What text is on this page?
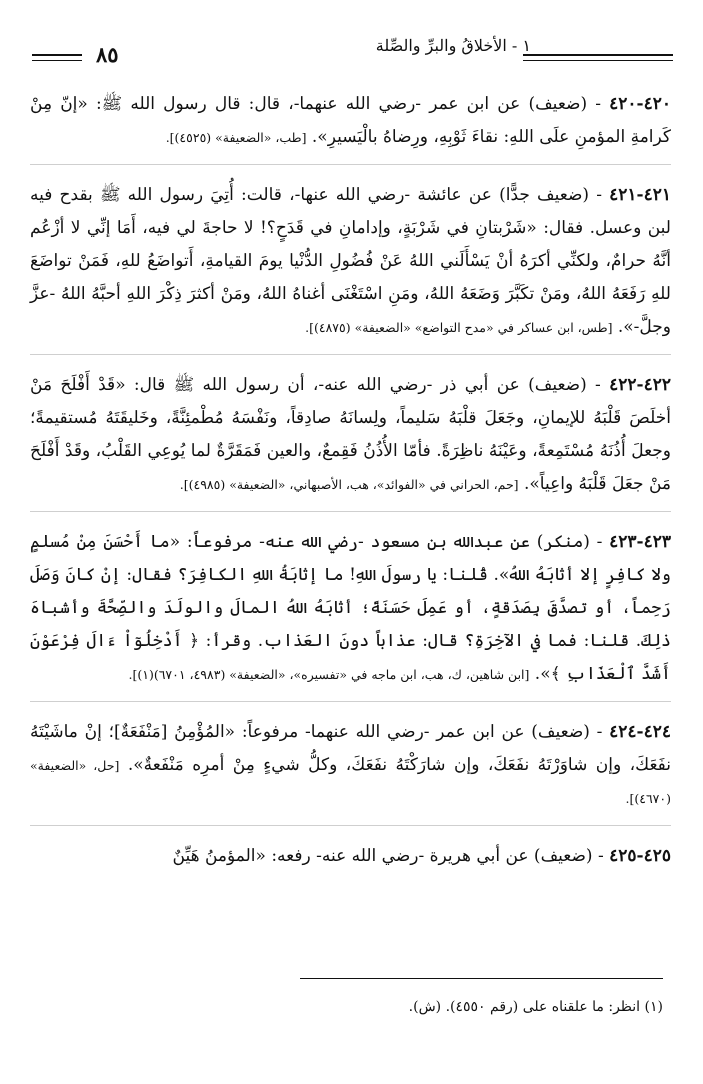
١ - الأخلاقُ والبرِّ والصِّلة
٨٥

٤٢٠-٤٢٠ - (ضعيف) عن ابن عمر -رضي الله عنهما-، قال: قال رسول الله ﷺ: «إنّ مِنْ كَرامةِ المؤمنِ علَى اللهِ: نقاءَ ثَوْبِهِ، ورِضاهُ بالْيَسيرِ». [طب، «الضعيفة» (٤٥٢٥)].

٤٢١-٤٢١ - (ضعيف جدًّا) عن عائشة -رضي الله عنها-، قالت: أُتِيَ رسول الله ﷺ بقدح فيه لبن وعسل. فقال: «شَرْبتانِ في شَرْبَةٍ، وإدامانِ في قَدَحٍ؟! لا حاجةَ لي فيه، أَمَا إنِّي لا أزْعُم أنَّهُ حرامٌ، ولكنِّي أكرَهُ أنْ يَسْأَلَني اللهُ عَنْ فُضُولِ الدُّنْيا يومَ القيامةِ، أَتواضَعُ للهِ، فَمَنْ تواضَعَ للهِ رَفَعَهُ اللهُ، ومَنْ تكَبَّرَ وَضَعَهُ اللهُ، ومَنِ اسْتَغْنَى أغناهُ اللهُ، ومَنْ أكثرَ ذِكْرَ اللهِ أحبَّهُ اللهُ -عزَّ وجلَّ-». [طس، ابن عساكر في «مدح التواضع» «الضعيفة» (٤٨٧٥)].

٤٢٢-٤٢٢ - (ضعيف) عن أبي ذر -رضي الله عنه-، أن رسول الله ﷺ قال: «قَدْ أَفْلَحَ مَنْ أخلَصَ قَلْبَهُ للإيمانِ، وجَعَلَ قلْبَهُ سَليماً، ولِسانَهُ صادِقاً، ونَفْسَهُ مُطْمئِنَّةً، وخَليقَتَهُ مُستقيمةً؛ وجعلَ أُذُنَهُ مُسْتَمِعةً، وعَيْنَهُ ناظِرَةً. فأمّا الأُذُنُ فَقِمعٌ، والعين فَمَقَرَّةٌ لما يُوعِي القَلْبُ، وقَدْ أَفْلَحَ مَنْ جعَلَ قَلْبَهُ واعِياً». [حم، الحراني في «الفوائد»، هب، الأصبهاني، «الضعيفة» (٤٩٨٥)].

٤٢٣-٤٢٣ - (منكر) عن عبدالله بن مسعود -رضي الله عنه- مرفوعاً: «ما أَحْسَنَ مِنْ مُسلمٍ ولا كافِرٍ إلا أثابَهُ اللهُ». قُلنا: يا رسولَ اللهِ! ما إثابَةُ اللهِ الكافِرَ؟ فقال: إنْ كانَ وَصَلَ رَحِماً، أو تصدَّقَ بِصَدَقةٍ، أو عَمِلَ حَسَنَةً؛ أثابَهُ اللهُ المالَ والولَدَ والصِّحَّةَ وأشباهَ ذلِكَ. قلنا: فما في الآخِرَةِ؟ قال: عذاباً دونَ العَذاب. وقرأ: ﴿ أَدْخِلُوٓاْ ءَالَ فِرْعَوْنَ أَشَدَّ ٱلْعَذَابِ ﴾». [ابن شاهين، ك، هب، ابن ماجه في «تفسيره»، «الضعيفة» (٤٩٨٣، ٦٧٠١)(١)].

٤٢٤-٤٢٤ - (ضعيف) عن ابن عمر -رضي الله عنهما- مرفوعاً: «المُؤْمِنُ [مَنْفَعَةٌ]؛ إنْ ماشَيْتَهُ نفَعَكَ، وإن شاوَرْتَهُ نفَعَكَ، وإن شارَكْتَهُ نفَعَكَ، وكلُّ شيءٍ مِنْ أمرِه مَنْفَعةٌ». [حل، «الضعيفة» (٤٦٧٠)].

٤٢٥-٤٢٥ - (ضعيف) عن أبي هريرة -رضي الله عنه- رفعه: «المؤمنُ هَيِّنٌ

(١) انظر: ما علقناه على (رقم ٤٥٥٠). (ش).
